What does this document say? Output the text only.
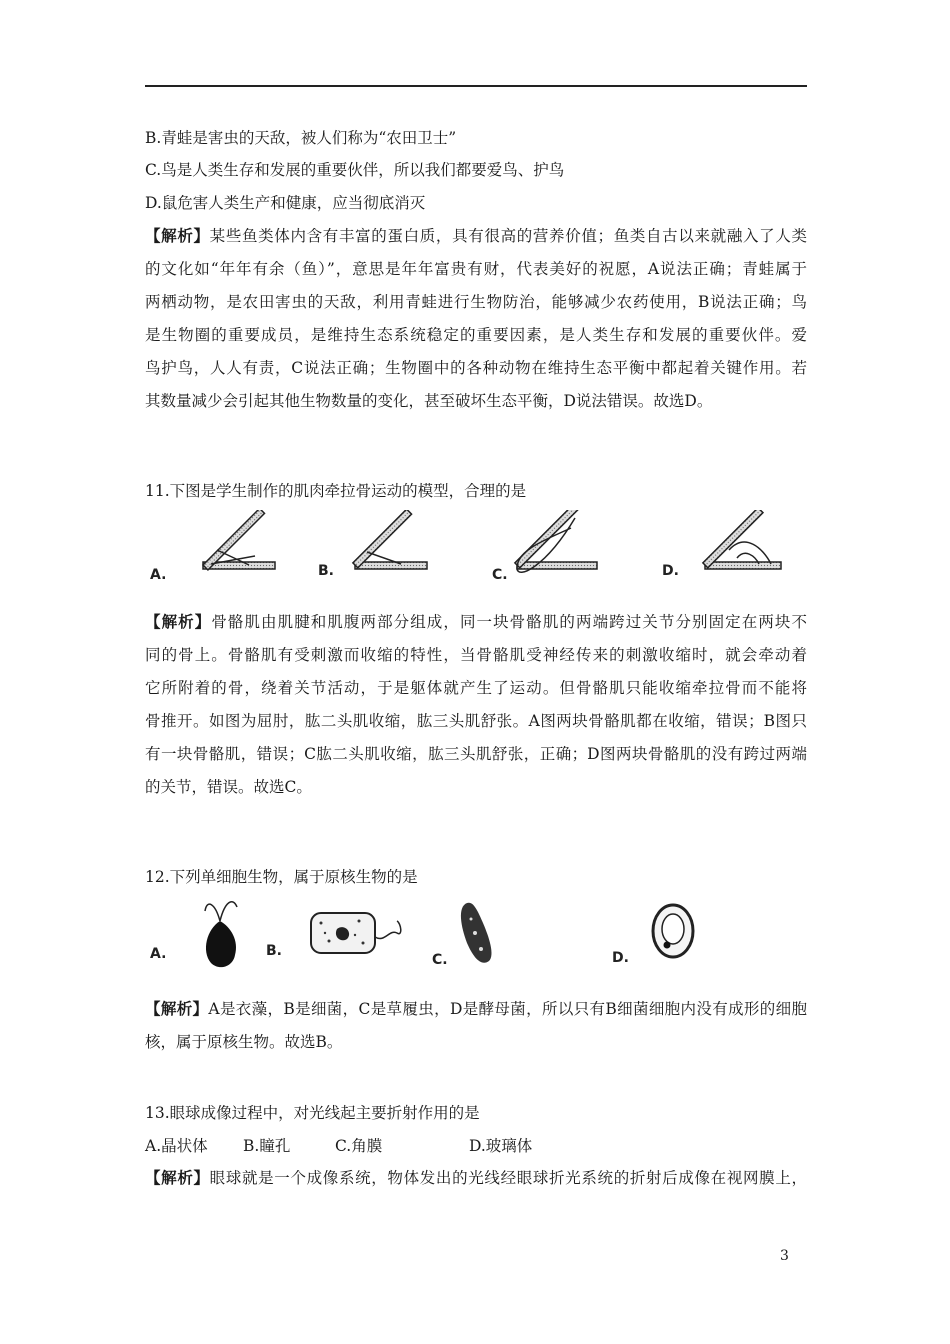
B.青蛙是害虫的天敌，被人们称为“农田卫士”
C.鸟是人类生存和发展的重要伙伴，所以我们都要爱鸟、护鸟
D.鼠危害人类生产和健康，应当彻底消灭
【解析】某些鱼类体内含有丰富的蛋白质，具有很高的营养价值；鱼类自古以来就融入了人类
的文化如“年年有余（鱼）”，意思是年年富贵有财，代表美好的祝愿，A说法正确；青蛙属于
两栖动物，是农田害虫的天敌，利用青蛙进行生物防治，能够减少农药使用，B说法正确；鸟
是生物圈的重要成员，是维持生态系统稳定的重要因素，是人类生存和发展的重要伙伴。爱
鸟护鸟，人人有责，C说法正确；生物圈中的各种动物在维持生态平衡中都起着关键作用。若
其数量减少会引起其他生物数量的变化，甚至破坏生态平衡，D说法错误。故选D。
11.下图是学生制作的肌肉牵拉骨运动的模型，合理的是
A.	B.	C.	D.
【解析】骨骼肌由肌腱和肌腹两部分组成，同一块骨骼肌的两端跨过关节分别固定在两块不
同的骨上。骨骼肌有受刺激而收缩的特性，当骨骼肌受神经传来的刺激收缩时，就会牵动着
它所附着的骨，绕着关节活动，于是躯体就产生了运动。但骨骼肌只能收缩牵拉骨而不能将
骨推开。如图为屈肘，肱二头肌收缩，肱三头肌舒张。A图两块骨骼肌都在收缩，错误；B图只
有一块骨骼肌，错误；C肱二头肌收缩，肱三头肌舒张，正确；D图两块骨骼肌的没有跨过两端
的关节，错误。故选C。
12.下列单细胞生物，属于原核生物的是
A.	B.
C.	D.
【解析】A是衣藻，B是细菌，C是草履虫，D是酵母菌，所以只有B细菌细胞内没有成形的细胞
核，属于原核生物。故选B。
13.眼球成像过程中，对光线起主要折射作用的是
A.晶状体 B.瞳孔	C.角膜	D.玻璃体
【解析】眼球就是一个成像系统，物体发出的光线经眼球折光系统的折射后成像在视网膜上，
3
